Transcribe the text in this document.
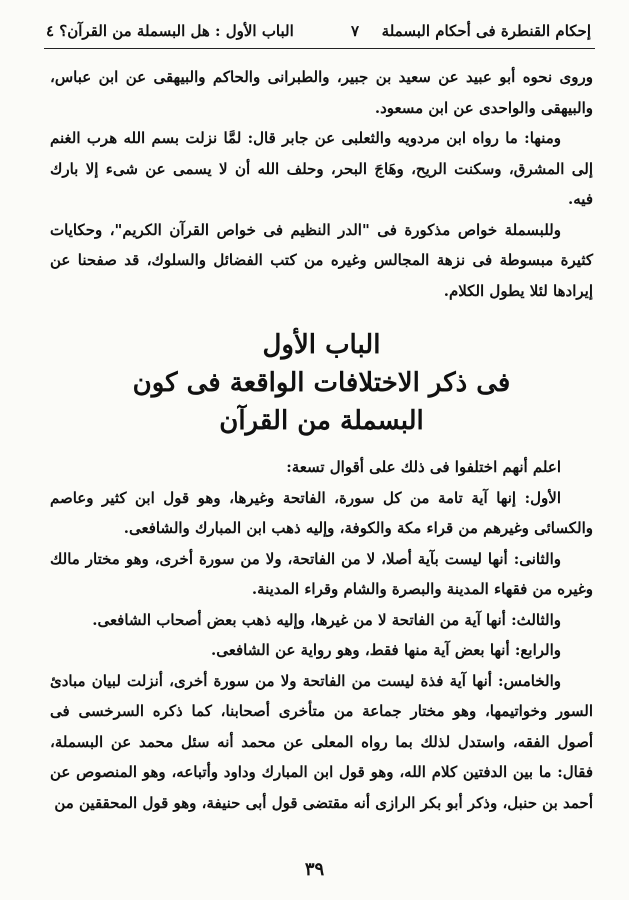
إحكام القنطرة فى أحكام البسملة
٧
الباب الأول : هل البسملة من القرآن؟ ٤

وروى نحوه أبو عبيد عن سعيد بن جبير، والطبرانى والحاكم والبيهقى عن ابن عباس، والبيهقى والواحدى عن ابن مسعود.

ومنها: ما رواه ابن مردويه والثعلبى عن جابر قال: لمَّا نزلت بسم الله هرب الغنم إلى المشرق، وسكنت الريح، وهَاجَ البحر، وحلف الله أن لا يسمى عن شىء إلا بارك فيه.

وللبسملة خواص مذكورة فى "الدر النظيم فى خواص القرآن الكريم"، وحكايات كثيرة مبسوطة فى نزهة المجالس وغيره من كتب الفضائل والسلوك، قد صفحنا عن إيرادها لئلا يطول الكلام.

الباب الأول
فى ذكر الاختلافات الواقعة فى كون
البسملة من القرآن

اعلم أنهم اختلفوا فى ذلك على أقوال تسعة:

الأول: إنها آية تامة من كل سورة، الفاتحة وغيرها، وهو قول ابن كثير وعاصم والكسائى وغيرهم من قراء مكة والكوفة، وإليه ذهب ابن المبارك والشافعى.

والثانى: أنها ليست بآية أصلا، لا من الفاتحة، ولا من سورة أخرى، وهو مختار مالك وغيره من فقهاء المدينة والبصرة والشام وقراء المدينة.

والثالث: أنها آية من الفاتحة لا من غيرها، وإليه ذهب بعض أصحاب الشافعى.

والرابع: أنها بعض آية منها فقط، وهو رواية عن الشافعى.

والخامس: أنها آية فذة ليست من الفاتحة ولا من سورة أخرى، أنزلت لبيان مبادئ السور وخواتيمها، وهو مختار جماعة من متأخرى أصحابنا، كما ذكره السرخسى فى أصول الفقه، واستدل لذلك بما رواه المعلى عن محمد أنه سئل محمد عن البسملة، فقال: ما بين الدفتين كلام الله، وهو قول ابن المبارك وداود وأتباعه، وهو المنصوص عن أحمد بن حنبل، وذكر أبو بكر الرازى أنه مقتضى قول أبى حنيفة، وهو قول المحققين من

٣٩
